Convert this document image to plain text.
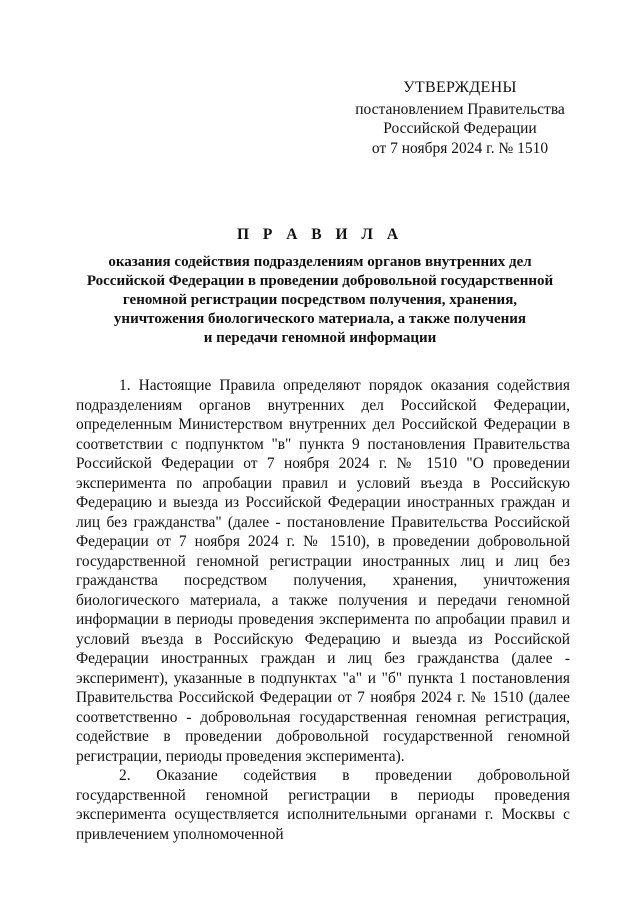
УТВЕРЖДЕНЫ
постановлением Правительства
Российской Федерации
от 7 ноября 2024 г. № 1510
П Р А В И Л А
оказания содействия подразделениям органов внутренних дел
Российской Федерации в проведении добровольной государственной
геномной регистрации посредством получения, хранения,
уничтожения биологического материала, а также получения
и передачи геномной информации

1. Настоящие Правила определяют порядок оказания содействия подразделениям органов внутренних дел Российской Федерации, определенным Министерством внутренних дел Российской Федерации в соответствии с подпунктом "в" пункта 9 постановления Правительства Российской Федерации от 7 ноября 2024 г. № 1510 "О проведении эксперимента по апробации правил и условий въезда в Российскую Федерацию и выезда из Российской Федерации иностранных граждан и лиц без гражданства" (далее - постановление Правительства Российской Федерации от 7 ноября 2024 г. № 1510), в проведении добровольной государственной геномной регистрации иностранных лиц и лиц без гражданства посредством получения, хранения, уничтожения биологического материала, а также получения и передачи геномной информации в периоды проведения эксперимента по апробации правил и условий въезда в Российскую Федерацию и выезда из Российской Федерации иностранных граждан и лиц без гражданства (далее - эксперимент), указанные в подпунктах "а" и "б" пункта 1 постановления Правительства Российской Федерации от 7 ноября 2024 г. № 1510 (далее соответственно - добровольная государственная геномная регистрация, содействие в проведении добровольной государственной геномной регистрации, периоды проведения эксперимента).

2. Оказание содействия в проведении добровольной государственной геномной регистрации в периоды проведения эксперимента осуществляется исполнительными органами г. Москвы с привлечением уполномоченной
